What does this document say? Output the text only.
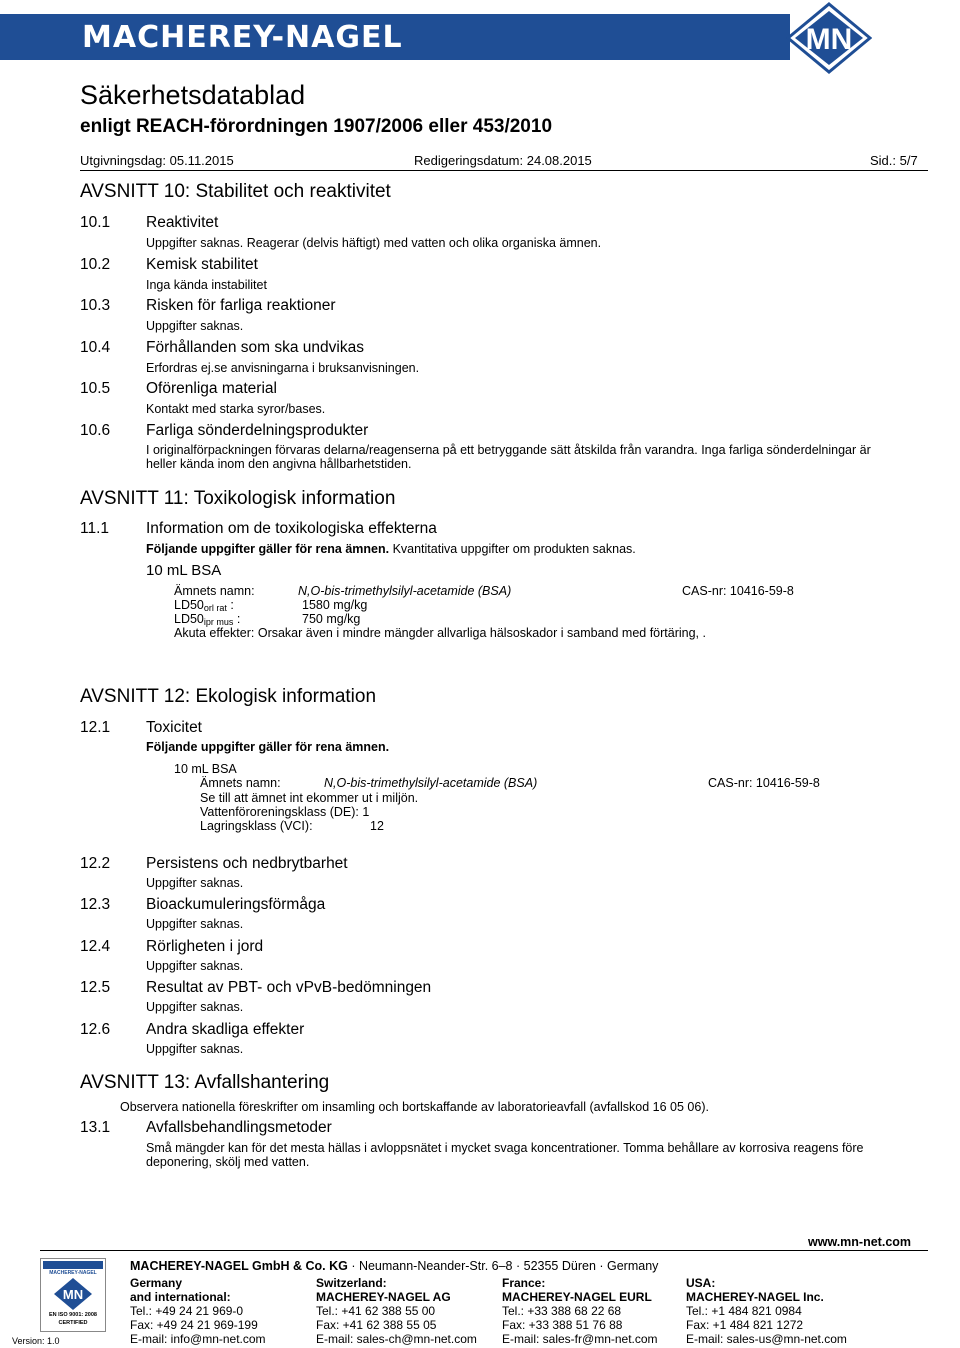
MACHEREY-NAGEL	MN
Säkerhetsdatablad
enligt REACH-förordningen 1907/2006 eller 453/2010
Utgivningsdag: 05.11.2015	Redigeringsdatum: 24.08.2015	Sid.: 5/7
AVSNITT 10: Stabilitet och reaktivitet
10.1 Reaktivitet
Uppgifter saknas. Reagerar (delvis häftigt) med vatten och olika organiska ämnen.
10.2 Kemisk stabilitet
Inga kända instabilitet
10.3 Risken för farliga reaktioner
Uppgifter saknas.
10.4 Förhållanden som ska undvikas
Erfordras ej.se anvisningarna i bruksanvisningen.
10.5 Oförenliga material
Kontakt med starka syror/bases.
10.6 Farliga sönderdelningsprodukter
I originalförpackningen förvaras delarna/reagenserna på ett betryggande sätt åtskilda från varandra. Inga farliga sönderdelningar är
heller kända inom den angivna hållbarhetstiden.
AVSNITT 11: Toxikologisk information
11.1 Information om de toxikologiska effekterna
Följande uppgifter gäller för rena ämnen. Kvantitativa uppgifter om produkten saknas.
10 mL BSA
Ämnets namn:	N,O-bis-trimethylsilyl-acetamide (BSA)	CAS-nr: 10416-59-8
$LD50_{orl rat}$ :	1580 mg/kg
$LD50_{ipr mus}$ :	750 mg/kg
Akuta effekter: Orsakar även i mindre mängder allvarliga hälsoskador i samband med förtäring, .
AVSNITT 12: Ekologisk information
12.1 Toxicitet
Följande uppgifter gäller för rena ämnen.
10 mL BSA
Ämnets namn:	N,O-bis-trimethylsilyl-acetamide (BSA)	CAS-nr: 10416-59-8
Se till att ämnet int ekommer ut i miljön.
Vattenföroreningsklass (DE): 1
Lagringsklass (VCI):	12
12.2 Persistens och nedbrytbarhet
Uppgifter saknas.
12.3 Bioackumuleringsförmåga
Uppgifter saknas.
12.4 Rörligheten i jord
Uppgifter saknas.
12.5 Resultat av PBT- och vPvB-bedömningen
Uppgifter saknas.
12.6 Andra skadliga effekter
Uppgifter saknas.
AVSNITT 13: Avfallshantering
Observera nationella föreskrifter om insamling och bortskaffande av laboratorieavfall (avfallskod 16 05 06).
13.1 Avfallsbehandlingsmetoder
Små mängder kan för det mesta hällas i avloppsnätet i mycket svaga koncentrationer. Tomma behållare av korrosiva reagens före
deponering, skölj med vatten.
www.mn-net.com
MACHEREY-NAGEL
MN
EN ISO 9001: 2008
CERTIFIED
Version: 1.0
MACHEREY-NAGEL GmbH & Co. KG · Neumann-Neander-Str. 6–8 · 52355 Düren · Germany
Germany
and international:
Tel.: +49 24 21 969-0
Fax: +49 24 21 969-199
E-mail: info@mn-net.com
Switzerland:
MACHEREY-NAGEL AG
Tel.: +41 62 388 55 00
Fax: +41 62 388 55 05
E-mail: sales-ch@mn-net.com
France:
MACHEREY-NAGEL EURL
Tel.: +33 388 68 22 68
Fax: +33 388 51 76 88
E-mail: sales-fr@mn-net.com
USA:
MACHEREY-NAGEL Inc.
Tel.: +1 484 821 0984
Fax: +1 484 821 1272
E-mail: sales-us@mn-net.com
